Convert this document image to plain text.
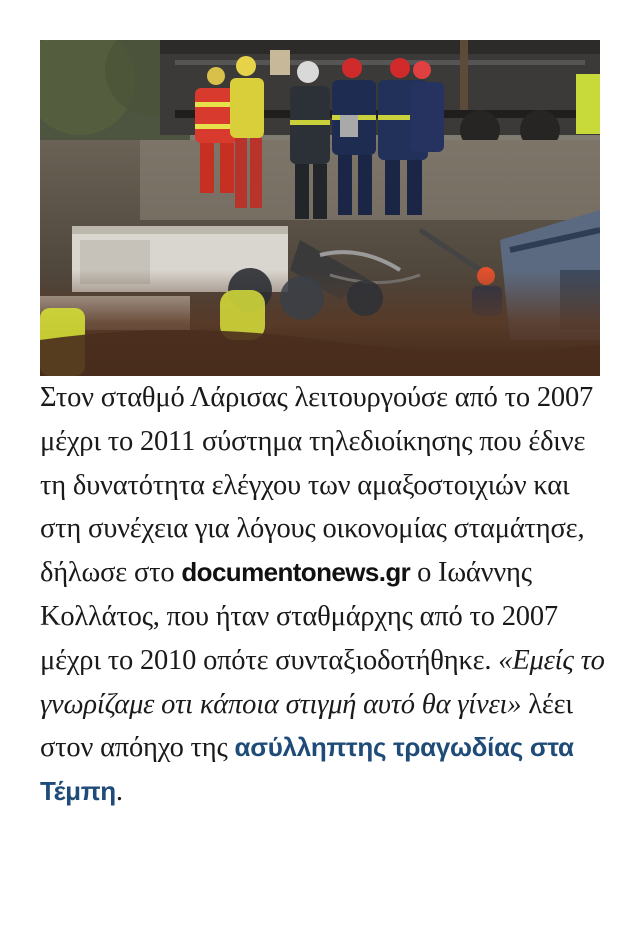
Στον σταθμό Λάρισας λειτουργούσε από το 2007 μέχρι το 2011 σύστημα τηλεδιοίκησης που έδινε τη δυνατότητα ελέγχου των αμαξοστοιχιών και στη συνέχεια για λόγους οικονομίας σταμάτησε, δήλωσε στο documentonews.gr ο Ιωάννης Κολλάτος, που ήταν σταθμάρχης από το 2007 μέχρι το 2010 οπότε συνταξιοδοτήθηκε. «Εμείς το γνωρίζαμε οτι κάποια στιγμή αυτό θα γίνει» λέει στον απόηχο της ασύλληπτης τραγωδίας στα Τέμπη.
